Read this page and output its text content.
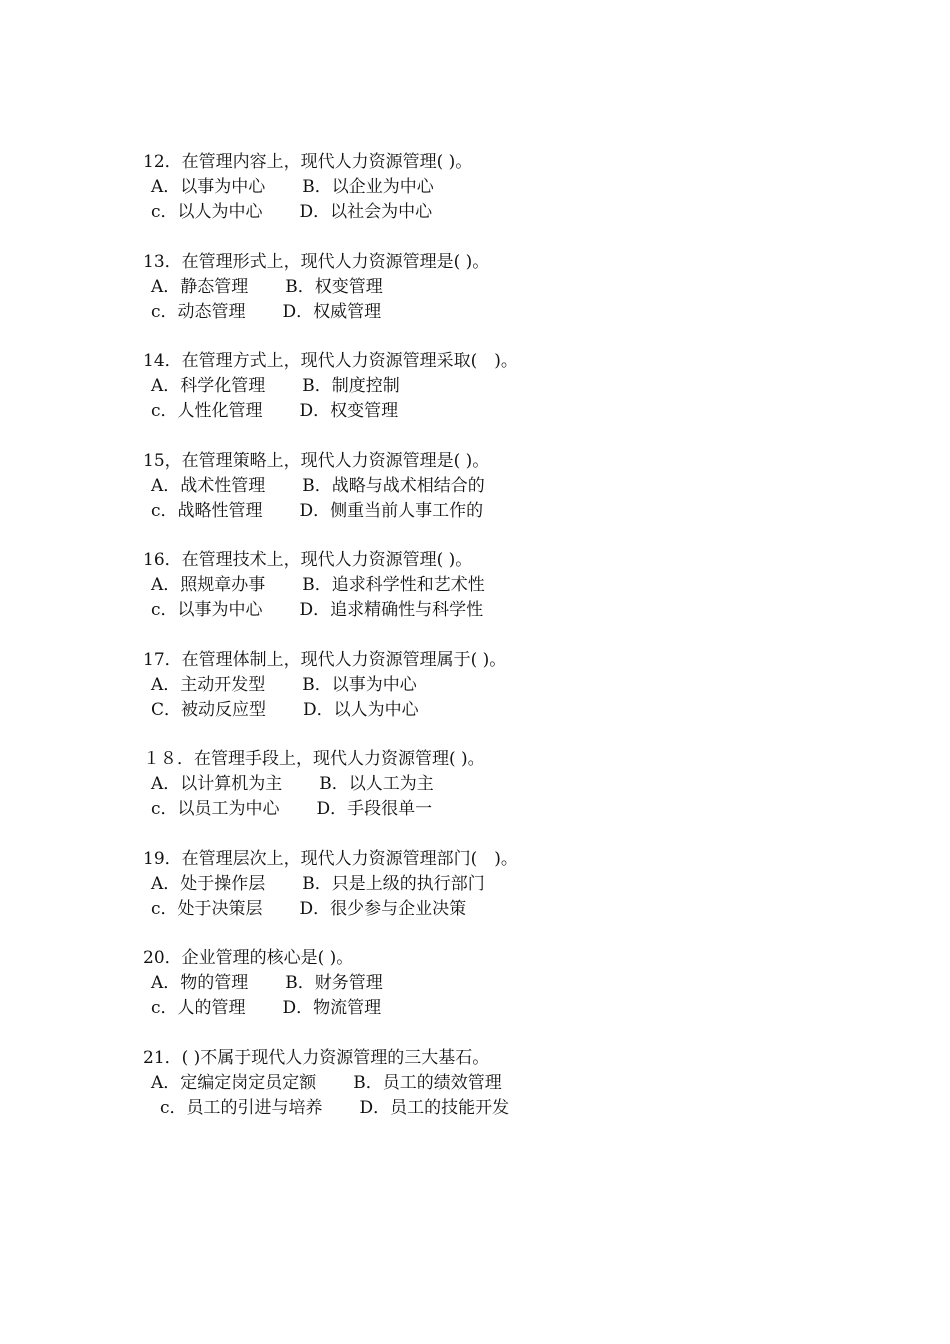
12．在管理内容上，现代人力资源管理( )。
A．以事为中心 B．以企业为中心
c．以人为中心 D．以社会为中心
13．在管理形式上，现代人力资源管理是( )。
A．静态管理 B．权变管理
c．动态管理 D．权威管理
14．在管理方式上，现代人力资源管理采取(　)。
A．科学化管理 B．制度控制
c．人性化管理 D．权变管理
15，在管理策略上，现代人力资源管理是( )。
A．战术性管理 B．战略与战术相结合的
c．战略性管理 D．侧重当前人事工作的
16．在管理技术上，现代人力资源管理( )。
A．照规章办事 B．追求科学性和艺术性
c．以事为中心 D．追求精确性与科学性
17．在管理体制上，现代人力资源管理属于( )。
A．主动开发型 B．以事为中心
C．被动反应型 D．以人为中心
１８．在管理手段上，现代人力资源管理( )。
A．以计算机为主 B．以人工为主
c．以员工为中心 D．手段很单一
19．在管理层次上，现代人力资源管理部门(　)。
A．处于操作层 B．只是上级的执行部门
c．处于决策层 D．很少参与企业决策
20．企业管理的核心是( )。
A．物的管理 B．财务管理
c．人的管理 D．物流管理
21．( )不属于现代人力资源管理的三大基石。
A．定编定岗定员定额 B．员工的绩效管理
c．员工的引进与培养 D．员工的技能开发
